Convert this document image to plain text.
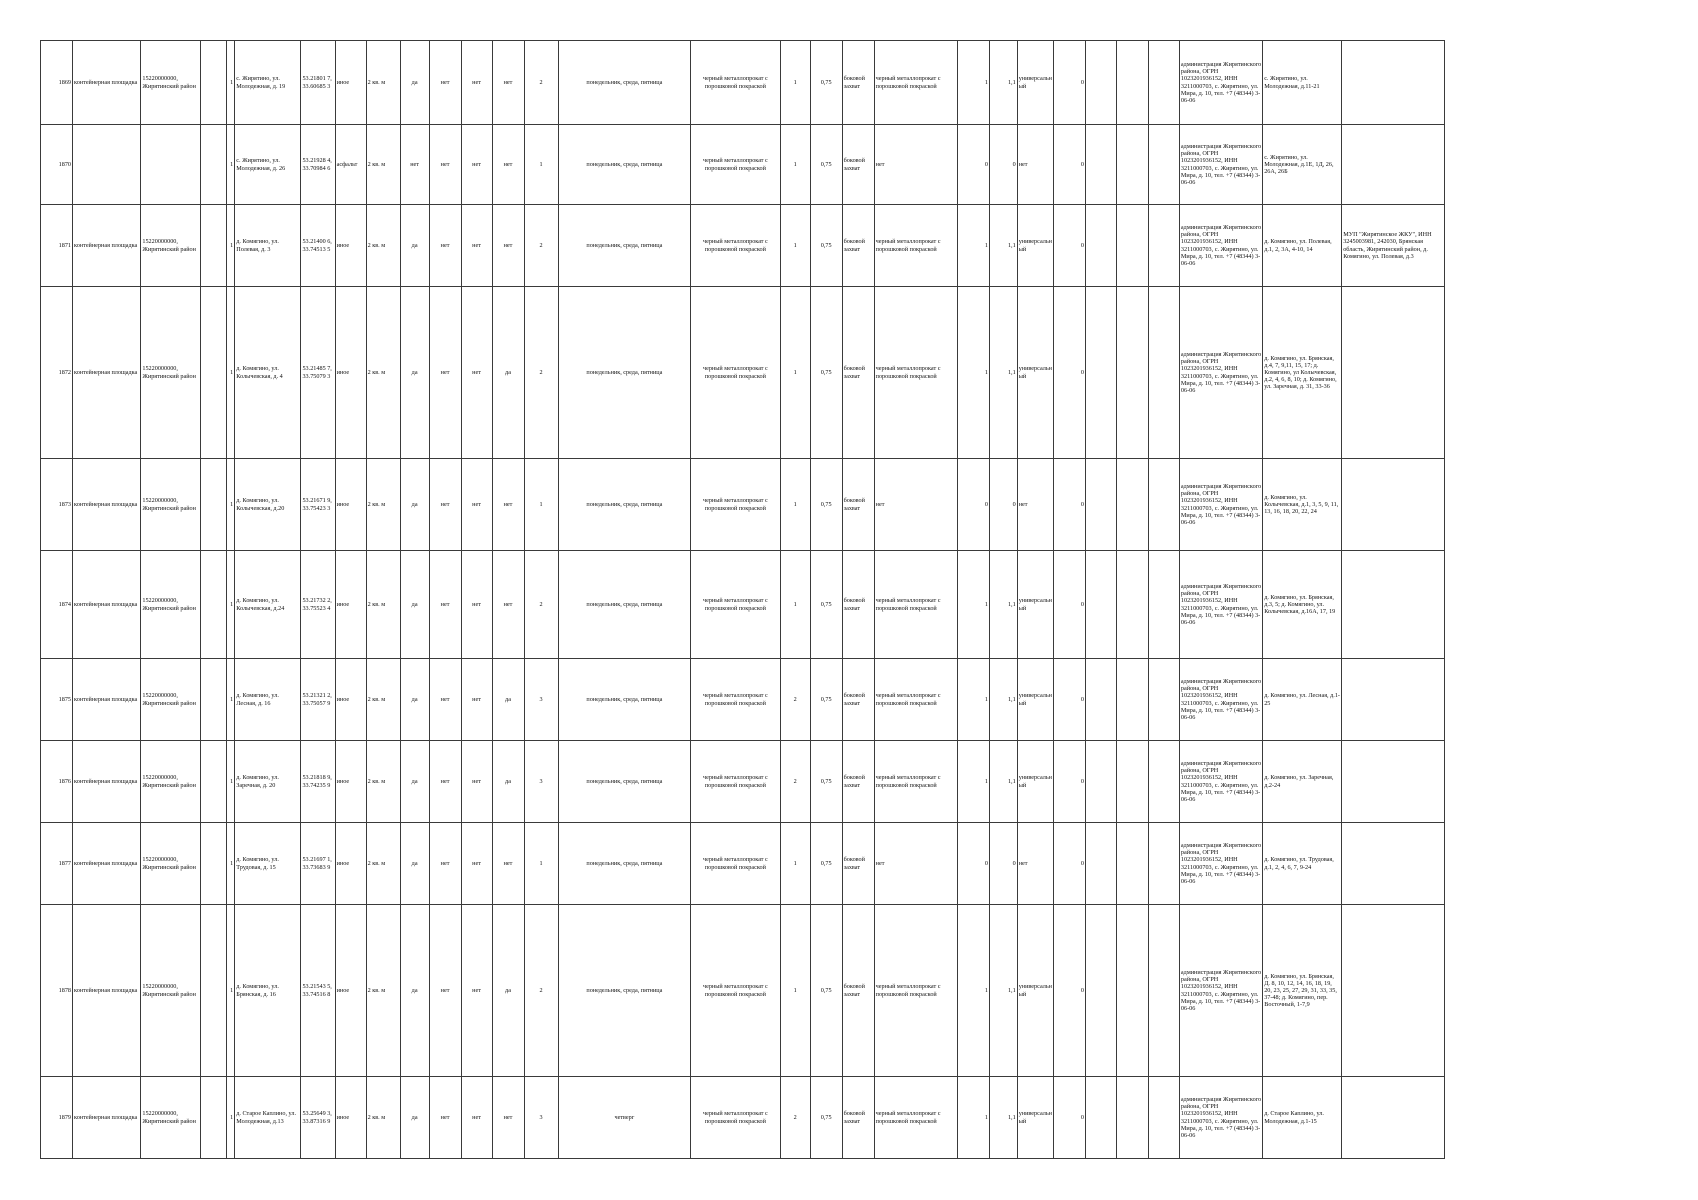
1869	контейнерная площадка	15220000000, Жирятинский район		1	с. Жирятино, ул. Молодежная, д. 19	53.21801 7, 33.60685 3	иное	2 кв. м	да	нет	нет	нет	2	понедельник, среда, пятница	черный металлопрокат с порошковой покраской	1	0,75	боковой захват	черный металлопрокат с порошковой покраской	1	1,1	универсальный	0				администрация Жирятинского района, ОГРН 1023201936152, ИНН 3211000703, с. Жирятино, ул. Мира, д. 10, тел. +7 (48344) 3-06-06	с. Жирятино, ул. Молодежная, д.11-21	
1870				1	с. Жирятино, ул. Молодежная, д. 26	53.21928 4, 33.70984 6	асфальт	2 кв. м	нет	нет	нет	нет	1	понедельник, среда, пятница	черный металлопрокат с порошковой покраской	1	0,75	боковой захват	нет	0	0	нет	0				администрация Жирятинского района, ОГРН 1023201936152, ИНН 3211000703, с. Жирятино, ул. Мира, д. 10, тел. +7 (48344) 3-06-06	с. Жирятино, ул. Молодежная, д.1Е, 1Д, 26, 26А, 26Б	
1871	контейнерная площадка	15220000000, Жирятинский район		1	д. Комягино, ул. Полевая, д. 3	53.21400 6, 33.74513 5	иное	2 кв. м	да	нет	нет	нет	2	понедельник, среда, пятница	черный металлопрокат с порошковой покраской	1	0,75	боковой захват	черный металлопрокат с порошковой покраской	1	1,1	универсальный	0				администрация Жирятинского района, ОГРН 1023201936152, ИНН 3211000703, с. Жирятино, ул. Мира, д. 10, тел. +7 (48344) 3-06-06	д. Комягино, ул. Полевая, д.1, 2, 3А, 4-10, 14	МУП "Жирятинское ЖКУ", ИНН 3245003981, 242030, Брянская область, Жирятинский район, д. Комягино, ул. Полевая, д.3
1872	контейнерная площадка	15220000000, Жирятинский район		1	д. Комягино, ул. Колычевская, д. 4	53.21485 7, 33.75079 3	иное	2 кв. м	да	нет	нет	да	2	понедельник, среда, пятница	черный металлопрокат с порошковой покраской	1	0,75	боковой захват	черный металлопрокат с порошковой покраской	1	1,1	универсальный	0				администрация Жирятинского района, ОГРН 1023201936152, ИНН 3211000703, с. Жирятино, ул. Мира, д. 10, тел. +7 (48344) 3-06-06	д. Комягино, ул. Брянская, д.4, 7, 9,11, 15, 17; д. Комягино, ул Колычевская, д.2, 4, 6, 8, 10; д. Комягино, ул. Заречная, д. 31, 33-36	
1873	контейнерная площадка	15220000000, Жирятинский район		1	д. Комягино, ул. Колычевская, д.20	53.21671 9, 33.75423 3	иное	2 кв. м	да	нет	нет	нет	1	понедельник, среда, пятница	черный металлопрокат с порошковой покраской	1	0,75	боковой захват	нет	0	0	нет	0				администрация Жирятинского района, ОГРН 1023201936152, ИНН 3211000703, с. Жирятино, ул. Мира, д. 10, тел. +7 (48344) 3-06-06	д. Комягино, ул. Колычевская, д.1, 3, 5, 9, 11, 13, 16, 18, 20, 22, 24	
1874	контейнерная площадка	15220000000, Жирятинский район		1	д. Комягино, ул. Колычевская, д.24	53.21732 2, 33.75523 4	иное	2 кв. м	да	нет	нет	нет	2	понедельник, среда, пятница	черный металлопрокат с порошковой покраской	1	0,75	боковой захват	черный металлопрокат с порошковой покраской	1	1,1	универсальный	0				администрация Жирятинского района, ОГРН 1023201936152, ИНН 3211000703, с. Жирятино, ул. Мира, д. 10, тел. +7 (48344) 3-06-06	д. Комягино, ул. Брянская, д.3, 5; д. Комягино, ул. Колычевская, д.16А, 17, 19	
1875	контейнерная площадка	15220000000, Жирятинский район		1	д. Комягино, ул. Лесная, д. 16	53.21321 2, 33.75057 9	иное	2 кв. м	да	нет	нет	да	3	понедельник, среда, пятница	черный металлопрокат с порошковой покраской	2	0,75	боковой захват	черный металлопрокат с порошковой покраской	1	1,1	универсальный	0				администрация Жирятинского района, ОГРН 1023201936152, ИНН 3211000703, с. Жирятино, ул. Мира, д. 10, тел. +7 (48344) 3-06-06	д. Комягино, ул. Лесная, д.1-25	
1876	контейнерная площадка	15220000000, Жирятинский район		1	д. Комягино, ул. Заречная, д. 20	53.21818 9, 33.74235 9	иное	2 кв. м	да	нет	нет	да	3	понедельник, среда, пятница	черный металлопрокат с порошковой покраской	2	0,75	боковой захват	черный металлопрокат с порошковой покраской	1	1,1	универсальный	0				администрация Жирятинского района, ОГРН 1023201936152, ИНН 3211000703, с. Жирятино, ул. Мира, д. 10, тел. +7 (48344) 3-06-06	д. Комягино, ул. Заречная, д.2-24	
1877	контейнерная площадка	15220000000, Жирятинский район		1	д. Комягино, ул. Трудовая, д. 15	53.21697 1, 33.73683 9	иное	2 кв. м	да	нет	нет	нет	1	понедельник, среда, пятница	черный металлопрокат с порошковой покраской	1	0,75	боковой захват	нет	0	0	нет	0				администрация Жирятинского района, ОГРН 1023201936152, ИНН 3211000703, с. Жирятино, ул. Мира, д. 10, тел. +7 (48344) 3-06-06	д. Комягино, ул. Трудовая, д.1, 2, 4, 6, 7, 9-24	
1878	контейнерная площадка	15220000000, Жирятинский район		1	д. Комягино, ул. Брянская, д. 16	53.21543 5, 33.74516 8	иное	2 кв. м	да	нет	нет	да	2	понедельник, среда, пятница	черный металлопрокат с порошковой покраской	1	0,75	боковой захват	черный металлопрокат с порошковой покраской	1	1,1	универсальный	0				администрация Жирятинского района, ОГРН 1023201936152, ИНН 3211000703, с. Жирятино, ул. Мира, д. 10, тел. +7 (48344) 3-06-06	д. Комягино, ул. Брянская, Д. 8, 10, 12, 14, 16, 18, 19, 20, 23, 25, 27, 29, 31, 33, 35, 37-48; д. Комягино, пер. Восточный, 1-7,9	
1879	контейнерная площадка	15220000000, Жирятинский район		1	д. Старое Каплино, ул. Молодежная, д.13	53.25649 3, 33.87316 9	иное	2 кв. м	да	нет	нет	нет	3	четверг	черный металлопрокат с порошковой покраской	2	0,75	боковой захват	черный металлопрокат с порошковой покраской	1	1,1	универсальный	0				администрация Жирятинского района, ОГРН 1023201936152, ИНН 3211000703, с. Жирятино, ул. Мира, д. 10, тел. +7 (48344) 3-06-06	д. Старое Каплино, ул. Молодежная, д.1-15	
